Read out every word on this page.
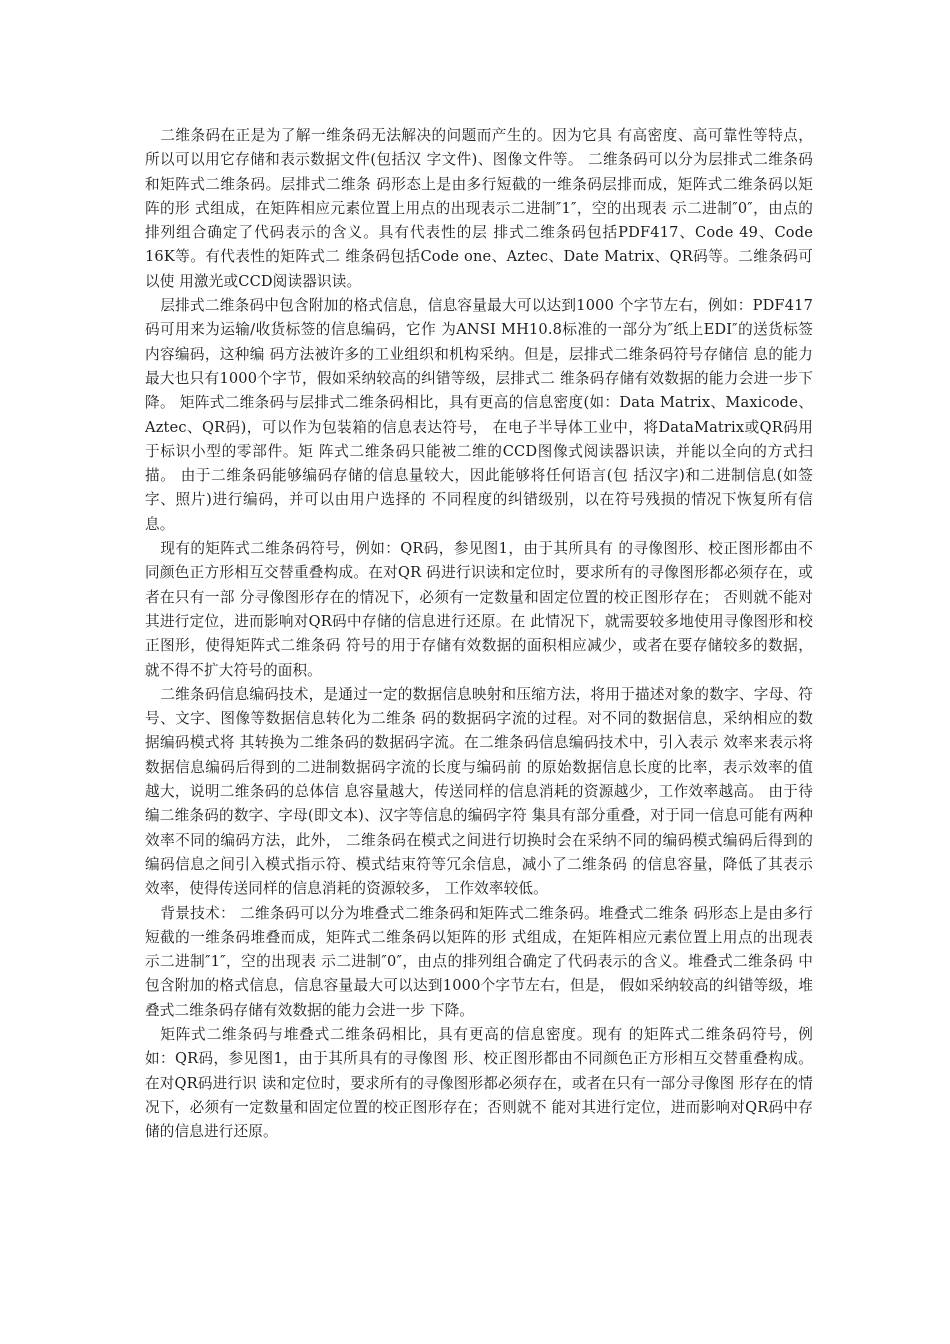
二维条码在正是为了解一维条码无法解决的问题而产生的。因为它具 有高密度、高可靠性等特点，所以可以用它存储和表示数据文件(包括汉 字文件)、图像文件等。 二维条码可以分为层排式二维条码和矩阵式二维条码。层排式二维条 码形态上是由多行短截的一维条码层排而成，矩阵式二维条码以矩阵的形 式组成，在矩阵相应元素位置上用点的出现表示二进制″1″，空的出现表 示二进制″0″，由点的排列组合确定了代码表示的含义。具有代表性的层 排式二维条码包括PDF417、Code 49、Code 16K等。有代表性的矩阵式二 维条码包括Code one、Aztec、Date Matrix、QR码等。二维条码可以使 用激光或CCD阅读器识读。

层排式二维条码中包含附加的格式信息，信息容量最大可以达到1000 个字节左右，例如：PDF417码可用来为运输/收货标签的信息编码，它作 为ANSI MH10.8标准的一部分为″纸上EDI″的送货标签内容编码，这种编 码方法被许多的工业组织和机构采纳。但是，层排式二维条码符号存储信 息的能力最大也只有1000个字节，假如采纳较高的纠错等级，层排式二 维条码存储有效数据的能力会进一步下降。 矩阵式二维条码与层排式二维条码相比，具有更高的信息密度(如：Data Matrix、Maxicode、Aztec、QR码)，可以作为包装箱的信息表达符号， 在电子半导体工业中，将DataMatrix或QR码用于标识小型的零部件。矩 阵式二维条码只能被二维的CCD图像式阅读器识读，并能以全向的方式扫 描。 由于二维条码能够编码存储的信息量较大，因此能够将任何语言(包 括汉字)和二进制信息(如签字、照片)进行编码，并可以由用户选择的 不同程度的纠错级别，以在符号残损的情况下恢复所有信息。

现有的矩阵式二维条码符号，例如：QR码，参见图1，由于其所具有 的寻像图形、校正图形都由不同颜色正方形相互交替重叠构成。在对QR 码进行识读和定位时，要求所有的寻像图形都必须存在，或者在只有一部 分寻像图形存在的情况下，必须有一定数量和固定位置的校正图形存在； 否则就不能对其进行定位，进而影响对QR码中存储的信息进行还原。在 此情况下，就需要较多地使用寻像图形和校正图形，使得矩阵式二维条码 符号的用于存储有效数据的面积相应减少，或者在要存储较多的数据，就不得不扩大符号的面积。

二维条码信息编码技术，是通过一定的数据信息映射和压缩方法，将用于描述对象的数字、字母、符号、文字、图像等数据信息转化为二维条 码的数据码字流的过程。对不同的数据信息，采纳相应的数据编码模式将 其转换为二维条码的数据码字流。在二维条码信息编码技术中，引入表示 效率来表示将数据信息编码后得到的二进制数据码字流的长度与编码前 的原始数据信息长度的比率，表示效率的值越大，说明二维条码的总体信 息容量越大，传送同样的信息消耗的资源越少，工作效率越高。 由于待编二维条码的数字、字母(即文本)、汉字等信息的编码字符 集具有部分重叠，对于同一信息可能有两种效率不同的编码方法，此外， 二维条码在模式之间进行切换时会在采纳不同的编码模式编码后得到的 编码信息之间引入模式指示符、模式结束符等冗余信息，减小了二维条码 的信息容量，降低了其表示效率，使得传送同样的信息消耗的资源较多， 工作效率较低。

背景技术： 二维条码可以分为堆叠式二维条码和矩阵式二维条码。堆叠式二维条 码形态上是由多行短截的一维条码堆叠而成，矩阵式二维条码以矩阵的形 式组成，在矩阵相应元素位置上用点的出现表示二进制″1″，空的出现表 示二进制″0″，由点的排列组合确定了代码表示的含义。堆叠式二维条码 中包含附加的格式信息，信息容量最大可以达到1000个字节左右，但是， 假如采纳较高的纠错等级，堆叠式二维条码存储有效数据的能力会进一步 下降。

矩阵式二维条码与堆叠式二维条码相比，具有更高的信息密度。现有 的矩阵式二维条码符号，例如：QR码，参见图1，由于其所具有的寻像图 形、校正图形都由不同颜色正方形相互交替重叠构成。在对QR码进行识 读和定位时，要求所有的寻像图形都必须存在，或者在只有一部分寻像图 形存在的情况下，必须有一定数量和固定位置的校正图形存在；否则就不 能对其进行定位，进而影响对QR码中存储的信息进行还原。
